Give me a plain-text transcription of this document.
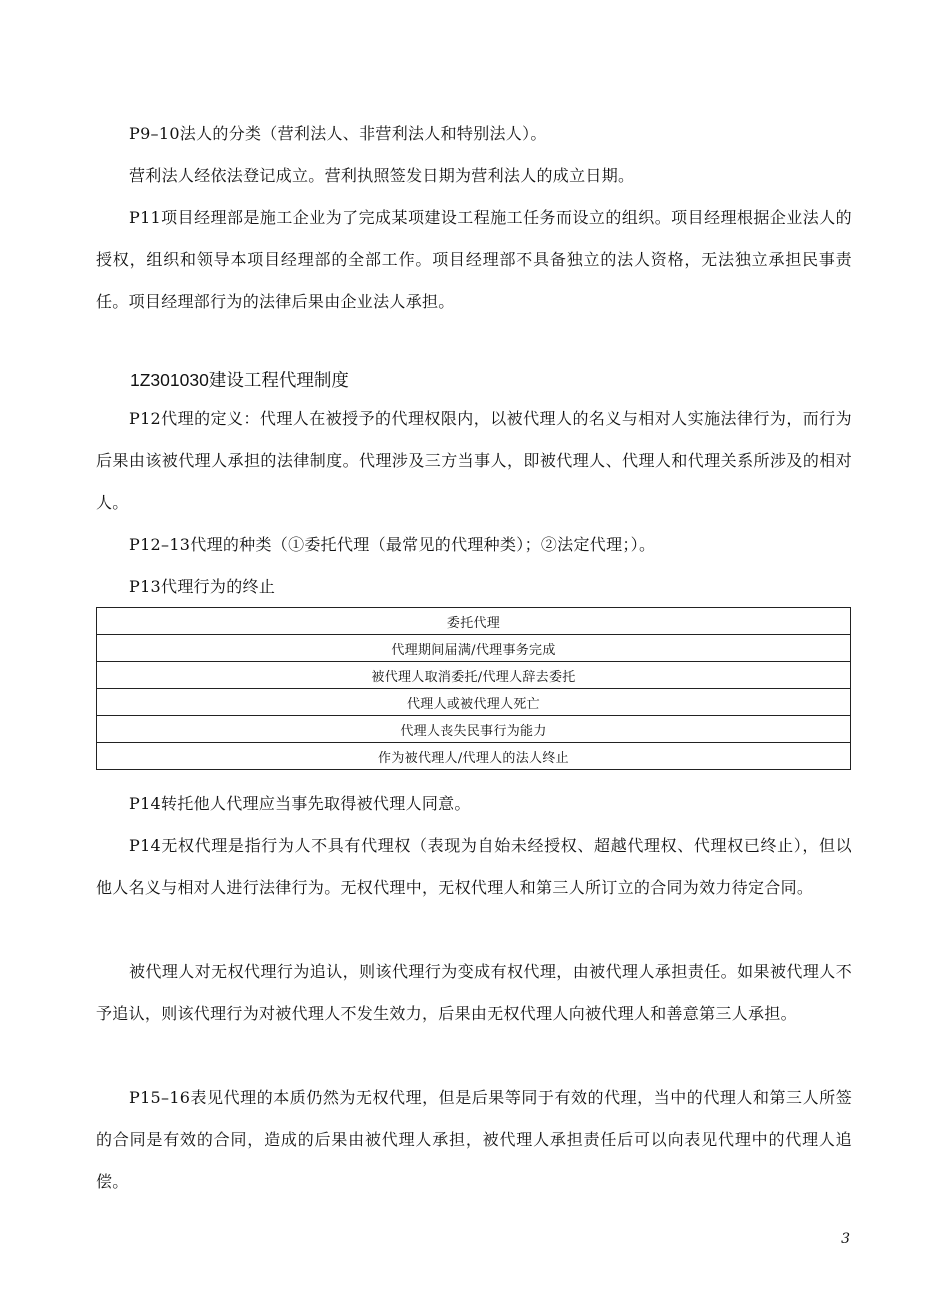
P9–10法人的分类（营利法人、非营利法人和特别法人）。

营利法人经依法登记成立。营利执照签发日期为营利法人的成立日期。

P11项目经理部是施工企业为了完成某项建设工程施工任务而设立的组织。项目经理根据企业法人的授权，组织和领导本项目经理部的全部工作。项目经理部不具备独立的法人资格，无法独立承担民事责任。项目经理部行为的法律后果由企业法人承担。

1Z301030建设工程代理制度

P12代理的定义：代理人在被授予的代理权限内，以被代理人的名义与相对人实施法律行为，而行为后果由该被代理人承担的法律制度。代理涉及三方当事人，即被代理人、代理人和代理关系所涉及的相对人。

P12–13代理的种类（①委托代理（最常见的代理种类）；②法定代理；）。

P13代理行为的终止

委托代理
代理期间届满/代理事务完成
被代理人取消委托/代理人辞去委托
代理人或被代理人死亡
代理人丧失民事行为能力
作为被代理人/代理人的法人终止

P14转托他人代理应当事先取得被代理人同意。

P14无权代理是指行为人不具有代理权（表现为自始未经授权、超越代理权、代理权已终止），但以他人名义与相对人进行法律行为。无权代理中，无权代理人和第三人所订立的合同为效力待定合同。

被代理人对无权代理行为追认，则该代理行为变成有权代理，由被代理人承担责任。如果被代理人不予追认，则该代理行为对被代理人不发生效力，后果由无权代理人向被代理人和善意第三人承担。

P15–16表见代理的本质仍然为无权代理，但是后果等同于有效的代理，当中的代理人和第三人所签的合同是有效的合同，造成的后果由被代理人承担，被代理人承担责任后可以向表见代理中的代理人追偿。

3
